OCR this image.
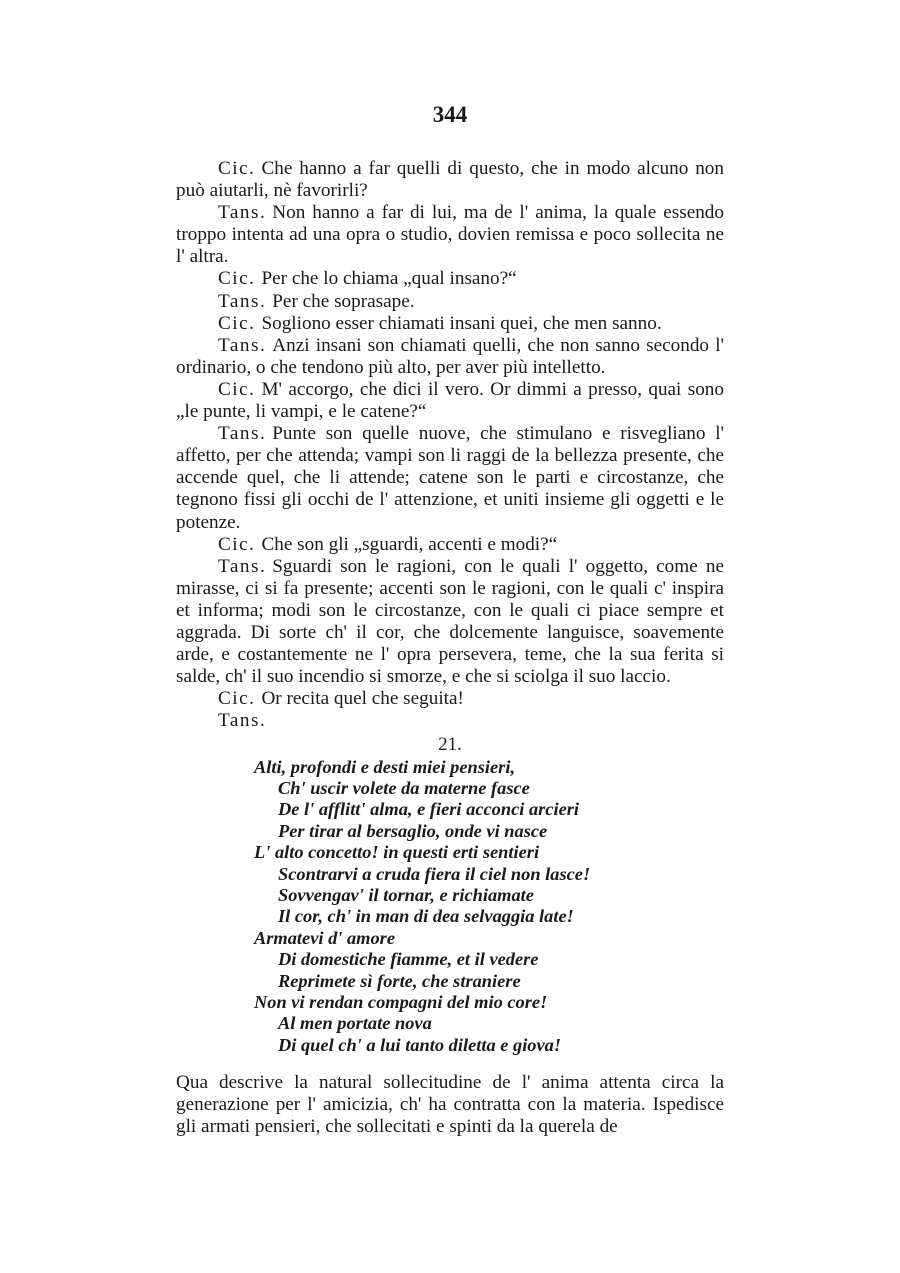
344

Cic. Che hanno a far quelli di questo, che in modo alcuno non può aiutarli, nè favorirli?

Tans. Non hanno a far di lui, ma de l' anima, la quale essendo troppo intenta ad una opra o studio, dovien remissa e poco sollecita ne l' altra.

Cic. Per che lo chiama „qual insano?“

Tans. Per che soprasape.

Cic. Sogliono esser chiamati insani quei, che men sanno.

Tans. Anzi insani son chiamati quelli, che non sanno secondo l' ordinario, o che tendono più alto, per aver più intelletto.

Cic. M' accorgo, che dici il vero. Or dimmi a presso, quai sono „le punte, li vampi, e le catene?“

Tans. Punte son quelle nuove, che stimulano e risvegliano l' affetto, per che attenda; vampi son li raggi de la bellezza presente, che accende quel, che li attende; catene son le parti e circostanze, che tegnono fissi gli occhi de l' attenzione, et uniti insieme gli oggetti e le potenze.

Cic. Che son gli „sguardi, accenti e modi?“

Tans. Sguardi son le ragioni, con le quali l' oggetto, come ne mirasse, ci si fa presente; accenti son le ragioni, con le quali c' inspira et informa; modi son le circostanze, con le quali ci piace sempre et aggrada. Di sorte ch' il cor, che dolcemente languisce, soavemente arde, e costantemente ne l' opra persevera, teme, che la sua ferita si salde, ch' il suo incendio si smorze, e che si sciolga il suo laccio.

Cic. Or recita quel che seguita!

Tans.

21.

Alti, profondi e desti miei pensieri,
Ch' uscir volete da materne fasce
De l' afflitt' alma, e fieri acconci arcieri
Per tirar al bersaglio, onde vi nasce
L' alto concetto! in questi erti sentieri
Scontrarvi a cruda fiera il ciel non lasce!
Sovvengav' il tornar, e richiamate
Il cor, ch' in man di dea selvaggia late!
Armatevi d' amore
Di domestiche fiamme, et il vedere
Reprimete sì forte, che straniere
Non vi rendan compagni del mio core!
Al men portate nova
Di quel ch' a lui tanto diletta e giova!

Qua descrive la natural sollecitudine de l' anima attenta circa la generazione per l' amicizia, ch' ha contratta con la materia. Ispedisce gli armati pensieri, che sollecitati e spinti da la querela de
